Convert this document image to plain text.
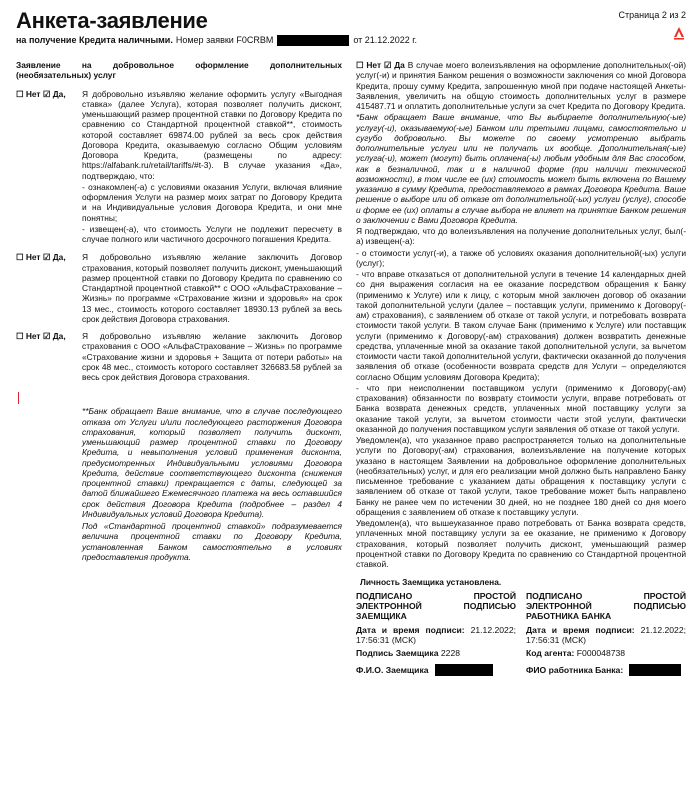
Анкета-заявление	Страница 2 из 2
на получение Кредита наличными. Номер заявки F0CRBM	от 21.12.2022 г.
Заявление на добровольное оформление дополнительных (необязательных) услуг
☐ Нет ☑ Да,	Я добровольно изъявляю желание оформить услугу «Выгодная ставка» (далее Услуга), которая позволяет получить дисконт, уменьшающий размер процентной ставки по Договору Кредита по сравнению со Стандартной процентной ставкой**, стоимость которой составляет 69874.00 рублей за весь срок действия Договора Кредита, оказываемую согласно Общим условиям Договора Кредита, (размещены по адресу: https://alfabank.ru/retail/tariffs/#t-3). В случае указания «Да», подтверждаю, что:
- ознакомлен(-а) с условиями оказания Услуги, включая влияние оформления Услуги на размер моих затрат по Договору Кредита и на Индивидуальные условия Договора Кредита, и они мне понятны;
- извещен(-а), что стоимость Услуги не подлежит пересчету в случае полного или частичного досрочного погашения Кредита.
☐ Нет ☑ Да,	Я добровольно изъявляю желание заключить Договор страхования, который позволяет получить дисконт, уменьшающий размер процентной ставки по Договору Кредита по сравнению со Стандартной процентной ставкой** с ООО «АльфаСтрахование – Жизнь» по программе «Страхование жизни и здоровья» на срок 13 мес., стоимость которого составляет 18930.13 рублей за весь срок действия Договора страхования.
☐ Нет ☑ Да,	Я добровольно изъявляю желание заключить Договор страхования с ООО «АльфаСтрахование – Жизнь» по программе «Страхование жизни и здоровья + Защита от потери работы» на срок 48 мес., стоимость которого составляет 326683.58 рублей за весь срок действия Договора страхования.

**Банк обращает Ваше внимание, что в случае последующего отказа от Услуги и/или последующего расторжения Договора страхования, который позволяет получить дисконт, уменьшающий размер процентной ставки по Договору Кредита, и невыполнения условий применения дисконта, предусмотренных Индивидуальными условиями Договора Кредита, действие соответствующего дисконта (снижения процентной ставки) прекращается с даты, следующей за датой ближайшего Ежемесячного платежа на весь оставшийся срок действия Договора Кредита (подробнее – раздел 4 Индивидуальных условий Договора Кредита).

Под «Стандартной процентной ставкой» подразумевается величина процентной ставки по Договору Кредита, установленная Банком самостоятельно в условиях предоставления продукта.

☐ Нет ☑ Да В случае моего волеизъявления на оформление дополнительных(-ой) услуг(-и) и принятия Банком решения о возможности заключения со мной Договора Кредита, прошу сумму Кредита, запрошенную мной при подаче настоящей Анкеты-Заявления, увеличить на общую стоимость дополнительных услуг в размере 415487.71 и оплатить дополнительные услуги за счет Кредита по Договору Кредита.
*Банк обращает Ваше внимание, что Вы выбираете дополнительную(-ые) услугу(-и), оказываемую(-ые) Банком или третьими лицами, самостоятельно и сугубо добровольно. Вы можете по своему усмотрению выбрать дополнительные услуги или не получать их вообще. Дополнительная(-ые) услуга(-и), может (могут) быть оплачена(-ы) любым удобным для Вас способом, как в безналичной, так и в наличной форме (при наличии технической возможности), в том числе ее (их) стоимость может быть включена по Вашему указанию в сумму Кредита, предоставляемого в рамках Договора Кредита. Ваше решение о выборе или об отказе от дополнительной(-ых) услуги (услуг), способе и форме ее (их) оплаты в случае выбора не влияет на принятие Банком решения о заключении с Вами Договора Кредита.
Я подтверждаю, что до волеизъявления на получение дополнительных услуг, был(-а) извещен(-а):
- о стоимости услуг(-и), а также об условиях оказания дополнительной(-ых) услуги (услуг);
- что вправе отказаться от дополнительной услуги в течение 14 календарных дней со дня выражения согласия на ее оказание посредством обращения к Банку (применимо к Услуге) или к лицу, с которым мной заключен договор об оказании такой дополнительной услуги (далее – поставщик услуги, применимо к Договору(-ам) страхования), с заявлением об отказе от такой услуги, и потребовать возврата стоимости такой услуги. В таком случае Банк (применимо к Услуге) или поставщик услуги (применимо к Договору(-ам) страхования) должен возвратить денежные средства, уплаченные мной за оказание такой дополнительной услуги, за вычетом стоимости части такой дополнительной услуги, фактически оказанной до получения заявления об отказе (особенности возврата средств для Услуги – определяются согласно Общим условиям Договора Кредита);
- что при неисполнении поставщиком услуги (применимо к Договору(-ам) страхования) обязанности по возврату стоимости услуги, вправе потребовать от Банка возврата денежных средств, уплаченных мной поставщику услуги за оказание такой услуги, за вычетом стоимости части этой услуги, фактически оказанной до получения поставщиком услуги заявления об отказе от такой услуги.
Уведомлен(а), что указанное право распространяется только на дополнительные услуги по Договору(-ам) страхования, волеизъявление на получение которых указано в настоящем Заявлении на добровольное оформление дополнительных (необязательных) услуг, и для его реализации мной должно быть направлено Банку письменное требование с указанием даты обращения к поставщику услуги с заявлением об отказе от такой услуги, такое требование может быть направлено Банку не ранее чем по истечении 30 дней, но не позднее 180 дней со дня моего обращения с заявлением об отказе к поставщику услуги.
Уведомлен(а), что вышеуказанное право потребовать от Банка возврата средств, уплаченных мной поставщику услуги за ее оказание, не применимо к Договору страхования, который позволяет получить дисконт, уменьшающий размер процентной ставки по Договору Кредита по сравнению со Стандартной процентной ставкой.
Личность Заемщика установлена.
ПОДПИСАНО ПРОСТОЙ ЭЛЕКТРОННОЙ ПОДПИСЬЮ ЗАЕМЩИКА
Дата и время подписи: 21.12.2022; 17:56:31 (МСК)
Подпись Заемщика 2228
Ф.И.О. Заемщика
ПОДПИСАНО ПРОСТОЙ ЭЛЕКТРОННОЙ ПОДПИСЬЮ РАБОТНИКА БАНКА
Дата и время подписи: 21.12.2022; 17:56:31 (МСК)
Код агента: F000048738
ФИО работника Банка:
